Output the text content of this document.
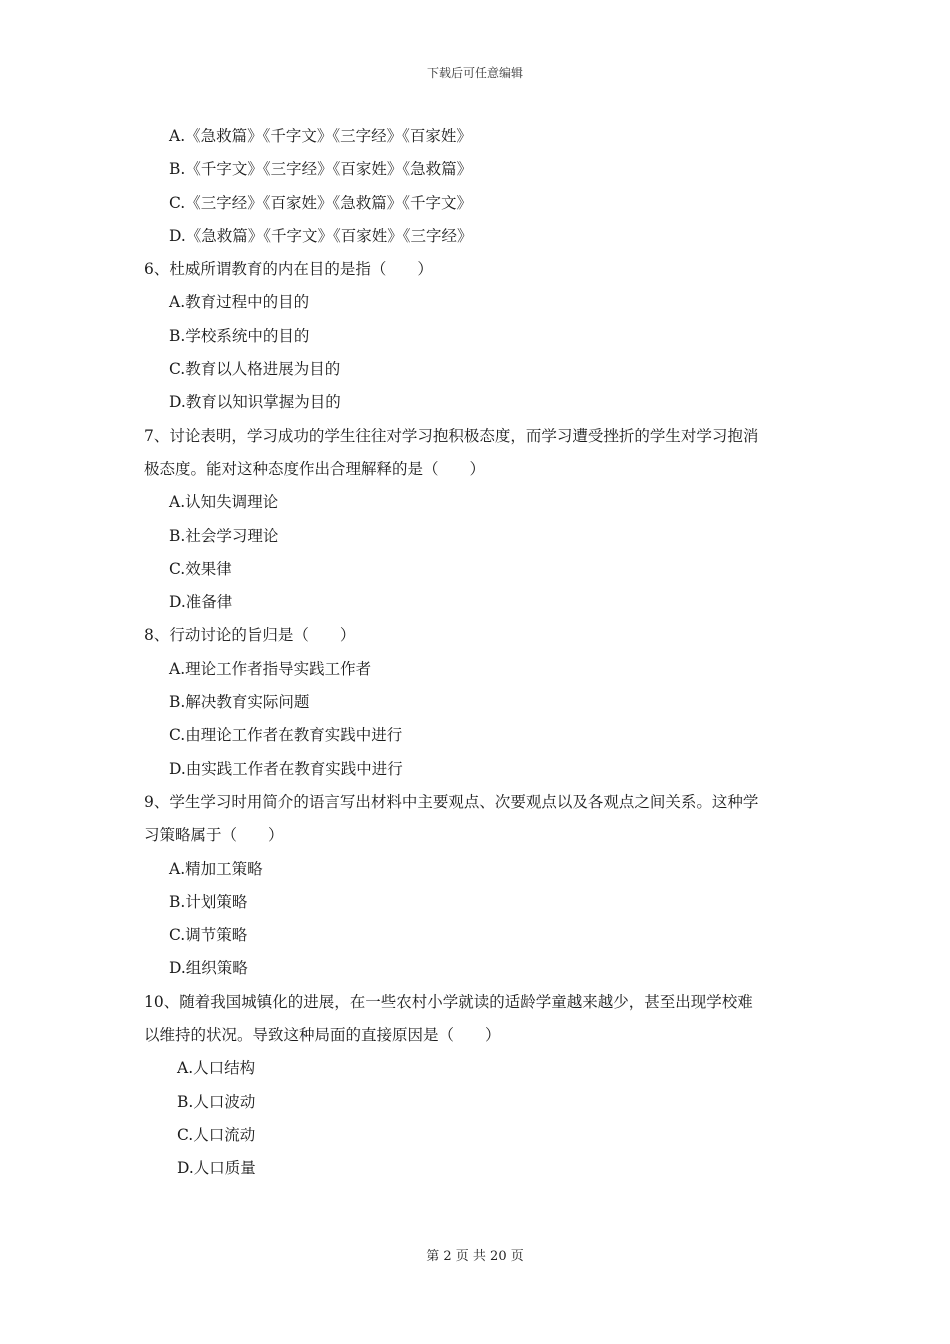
下载后可任意编辑
A.《急救篇》《千字文》《三字经》《百家姓》
B.《千字文》《三字经》《百家姓》《急救篇》
C.《三字经》《百家姓》《急救篇》《千字文》
D.《急救篇》《千字文》《百家姓》《三字经》
6、杜威所谓教育的内在目的是指（　　）
A.教育过程中的目的
B.学校系统中的目的
C.教育以人格进展为目的
D.教育以知识掌握为目的
7、讨论表明，学习成功的学生往往对学习抱积极态度，而学习遭受挫折的学生对学习抱消
极态度。能对这种态度作出合理解释的是（　　）
A.认知失调理论
B.社会学习理论
C.效果律
D.准备律
8、行动讨论的旨归是（　　）
A.理论工作者指导实践工作者
B.解决教育实际问题
C.由理论工作者在教育实践中进行
D.由实践工作者在教育实践中进行
9、学生学习时用简介的语言写出材料中主要观点、次要观点以及各观点之间关系。这种学
习策略属于（　　）
A.精加工策略
B.计划策略
C.调节策略
D.组织策略
10、随着我国城镇化的进展，在一些农村小学就读的适龄学童越来越少，甚至出现学校难
以维持的状况。导致这种局面的直接原因是（　　）
A.人口结构
B.人口波动
C.人口流动
D.人口质量
第 2 页 共 20 页
